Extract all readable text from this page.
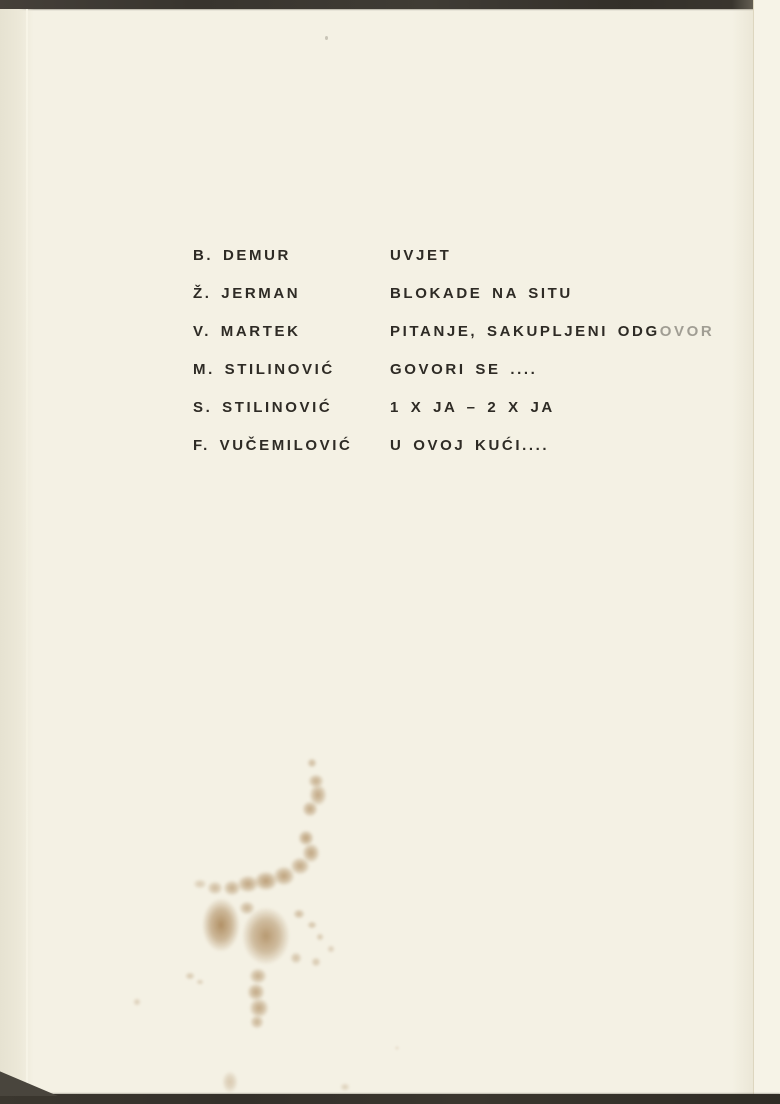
B. DEMUR	UVJET
Ž. JERMAN	BLOKADE NA SITU
V. MARTEK	PITANJE, SAKUPLJENI ODGOVOR
M. STILINOVIĆ	GOVORI SE ....
S. STILINOVIĆ	1 X JA – 2 X JA
F. VUČEMILOVIĆ	U OVOJ KUĆI....
